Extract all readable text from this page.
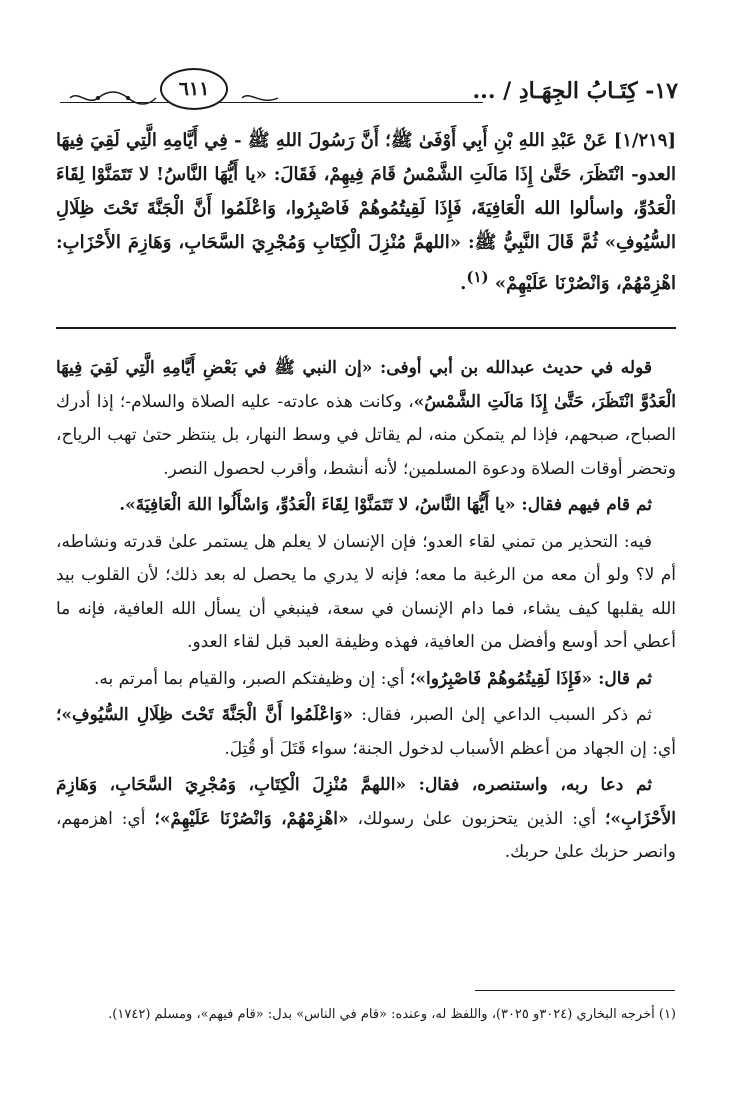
١٧- كِتَـابُ الجِهَـادِ / ...
٦١١
[١/٢١٩] عَنْ عَبْدِ اللهِ بْنِ أَبِي أَوْفَىٰ ﷺ؛ أَنَّ رَسُولَ اللهِ ﷺ - فِي أَيَّامِهِ الَّتِي لَقِيَ فِيهَا العدو- انْتَظَرَ، حَتَّىٰ إِذَا مَالَتِ الشَّمْسُ قَامَ فِيهِمْ، فَقَالَ: «يا أَيُّهَا النَّاسُ! لا تَتَمَنَّوْا لِقَاءَ الْعَدُوِّ، واسألوا الله الْعَافِيَةَ، فَإِذَا لَقِيتُمُوهُمْ فَاصْبِرُوا، وَاعْلَمُوا أَنَّ الْجَنَّةَ تَحْتَ ظِلَالِ السُّيُوفِ» ثُمَّ قَالَ النَّبِيُّ ﷺ: «اللهمَّ مُنْزِلَ الْكِتَابِ وَمُجْرِيَ السَّحَابِ، وَهَازِمَ الأَحْزَابِ: اهْزِمْهُمْ، وَانْصُرْنَا عَلَيْهِمْ» $^{(١)}$.

قوله في حديث عبدالله بن أبي أوفى: «إن النبي ﷺ في بَعْضِ أَيَّامِهِ الَّتِي لَقِيَ فِيهَا الْعَدُوَّ انْتَظَرَ، حَتَّىٰ إِذَا مَالَتِ الشَّمْسُ»، وكانت هذه عادته- عليه الصلاة والسلام-؛ إذا أدرك الصباح، صبحهم، فإذا لم يتمكن منه، لم يقاتل في وسط النهار، بل ينتظر حتىٰ تهب الرياح، وتحضر أوقات الصلاة ودعوة المسلمين؛ لأنه أنشط، وأقرب لحصول النصر.

ثم قام فيهم فقال: «يا أَيُّهَا النَّاسُ، لا تَتَمَنَّوْا لِقَاءَ الْعَدُوِّ، وَاسْأَلُوا اللهَ الْعَافِيَةَ».

فيه: التحذير من تمني لقاء العدو؛ فإن الإنسان لا يعلم هل يستمر علىٰ قدرته ونشاطه، أم لا؟ ولو أن معه من الرغبة ما معه؛ فإنه لا يدري ما يحصل له بعد ذلك؛ لأن القلوب بيد الله يقلبها كيف يشاء، فما دام الإنسان في سعة، فينبغي أن يسأل الله العافية، فإنه ما أعطي أحد أوسع وأفضل من العافية، فهذه وظيفة العبد قبل لقاء العدو.

ثم قال: «فَإِذَا لَقِيتُمُوهُمْ فَاصْبِرُوا»؛ أي: إن وظيفتكم الصبر، والقيام بما أمرتم به.

ثم ذكر السبب الداعي إلىٰ الصبر، فقال: «وَاعْلَمُوا أَنَّ الْجَنَّةَ تَحْتَ ظِلَالِ السُّيُوفِ»؛ أي: إن الجهاد من أعظم الأسباب لدخول الجنة؛ سواء قَتَلَ أو قُتِلَ.

ثم دعا ربه، واستنصره، فقال: «اللهمَّ مُنْزِلَ الْكِتَابِ، وَمُجْرِيَ السَّحَابِ، وَهَازِمَ الأَحْزَابِ»؛ أي: الذين يتحزبون علىٰ رسولك، «اهْزِمْهُمْ، وَانْصُرْنَا عَلَيْهِمْ»؛ أي: اهزمهم، وانصر حزبك علىٰ حربك.

(١) أخرجه البخاري (٣٠٢٤و ٣٠٢٥)، واللفظ له، وعنده: «قام في الناس» بدل: «قام فيهم»، ومسلم (١٧٤٢).
